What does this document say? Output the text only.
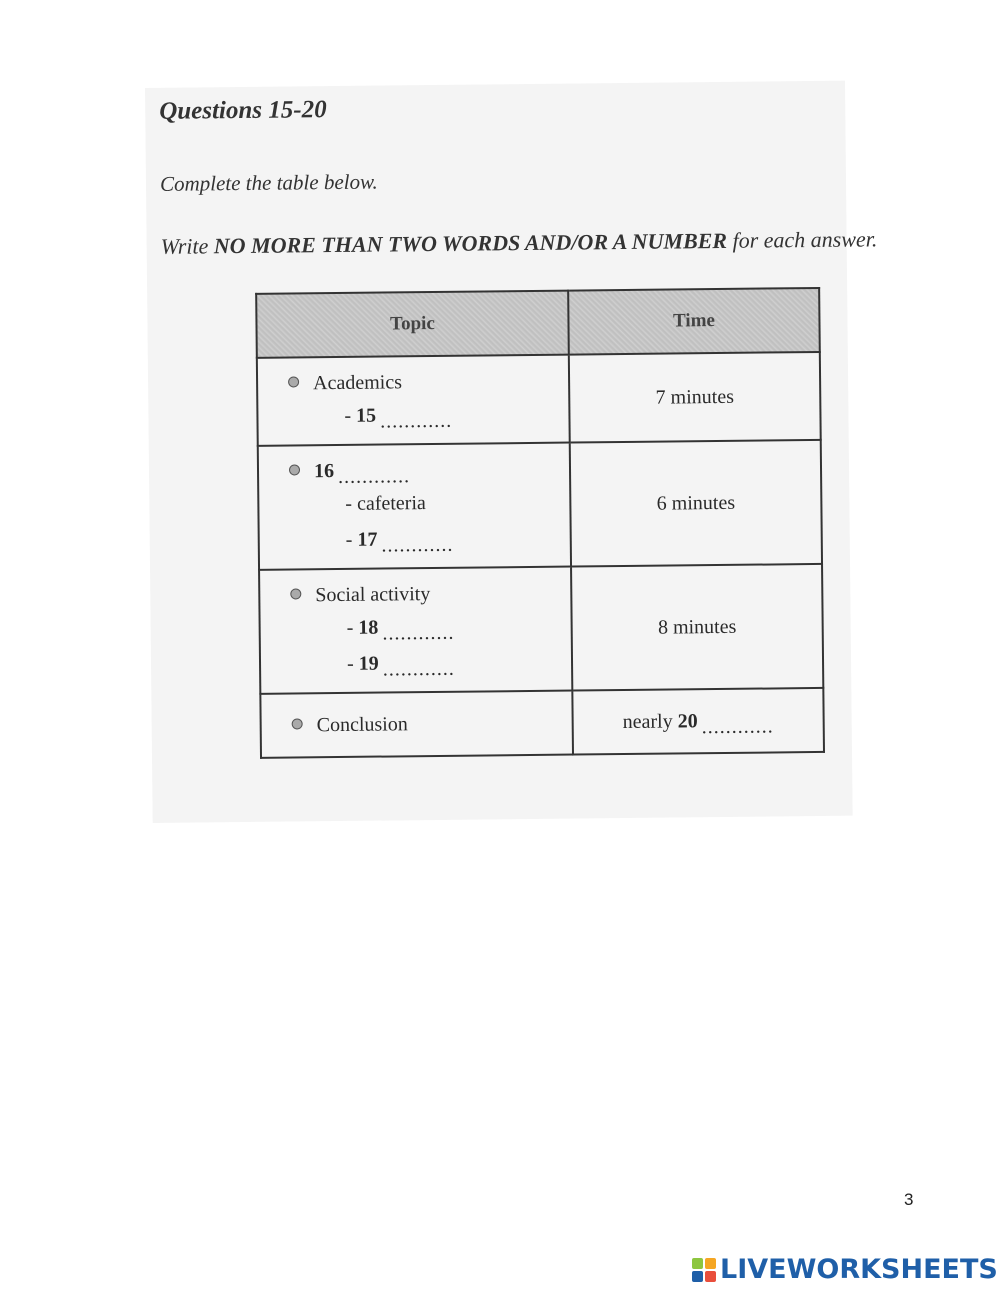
Questions 15-20
Complete the table below.
Write NO MORE THAN TWO WORDS AND/OR A NUMBER for each answer.
Topic	Time

Academics
- 15 ............	7 minutes

16 ............
- cafeteria
- 17 ............	6 minutes

Social activity
- 18 ............
- 19 ............	8 minutes

Conclusion	nearly 20 ............
3
LIVEWORKSHEETS
